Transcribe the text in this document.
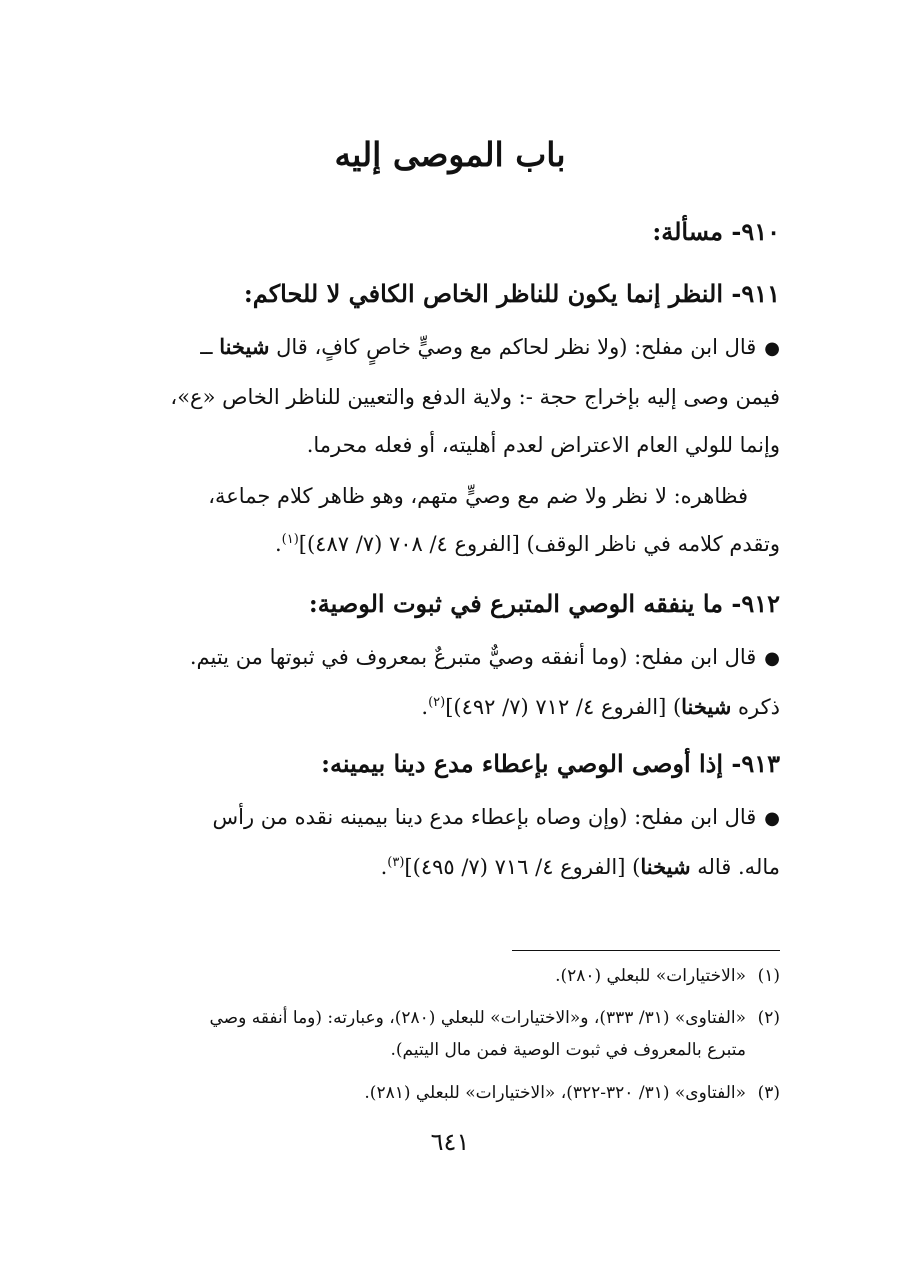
باب الموصى إليه
٩١٠- مسألة:
٩١١- النظر إنما يكون للناظر الخاص الكافي لا للحاكم:
●قال ابن مفلح: (ولا نظر لحاكم مع وصيٍّ خاصٍ كافٍ، قال شيخنا ــ
فيمن وصى إليه بإخراج حجة -: ولاية الدفع والتعيين للناظر الخاص «ع»،
وإنما للولي العام الاعتراض لعدم أهليته، أو فعله محرما.
فظاهره: لا نظر ولا ضم مع وصيٍّ متهم، وهو ظاهر كلام جماعة،
وتقدم كلامه في ناظر الوقف) [الفروع ٤/ ٧٠٨ (٧/ ٤٨٧)]$^{(١)}$.
٩١٢- ما ينفقه الوصي المتبرع في ثبوت الوصية:
●قال ابن مفلح: (وما أنفقه وصيٌّ متبرعٌ بمعروف في ثبوتها من يتيم.
ذكره شيخنا) [الفروع ٤/ ٧١٢ (٧/ ٤٩٢)]$^{(٢)}$.
٩١٣- إذا أوصى الوصي بإعطاء مدع دينا بيمينه:
●قال ابن مفلح: (وإن وصاه بإعطاء مدع دينا بيمينه نقده من رأس
ماله. قاله شيخنا) [الفروع ٤/ ٧١٦ (٧/ ٤٩٥)]$^{(٣)}$.
(١)«الاختيارات» للبعلي (٢٨٠).
(٢)«الفتاوى» (٣١/ ٣٣٣)، و«الاختيارات» للبعلي (٢٨٠)، وعبارته: (وما أنفقه وصي
متبرع بالمعروف في ثبوت الوصية فمن مال اليتيم).
(٣)«الفتاوى» (٣١/ ٣٢٠-٣٢٢)، «الاختيارات» للبعلي (٢٨١).
٦٤١
